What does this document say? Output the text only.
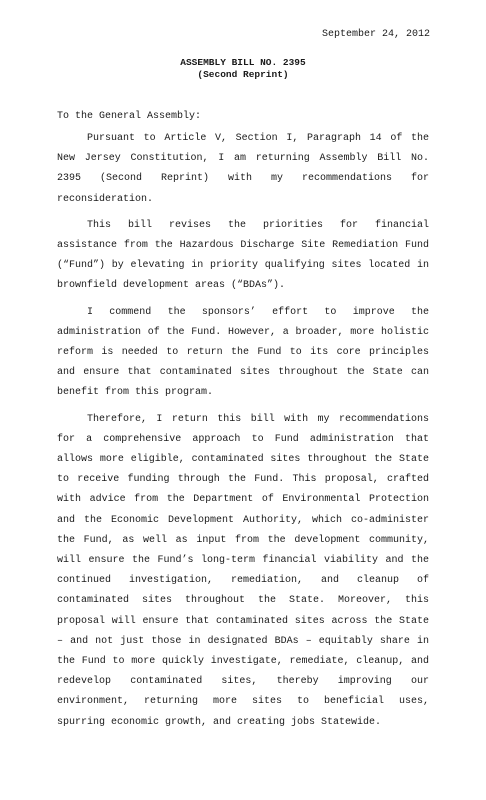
September 24, 2012
ASSEMBLY BILL NO. 2395
(Second Reprint)
To the General Assembly:

Pursuant to Article V, Section I, Paragraph 14 of the New Jersey Constitution, I am returning Assembly Bill No. 2395 (Second Reprint) with my recommendations for reconsideration.

This bill revises the priorities for financial assistance from the Hazardous Discharge Site Remediation Fund (“Fund”) by elevating in priority qualifying sites located in brownfield development areas (“BDAs”).

I commend the sponsors’ effort to improve the administration of the Fund. However, a broader, more holistic reform is needed to return the Fund to its core principles and ensure that contaminated sites throughout the State can benefit from this program.

Therefore, I return this bill with my recommendations for a comprehensive approach to Fund administration that allows more eligible, contaminated sites throughout the State to receive funding through the Fund. This proposal, crafted with advice from the Department of Environmental Protection and the Economic Development Authority, which co-administer the Fund, as well as input from the development community, will ensure the Fund’s long-term financial viability and the continued investigation, remediation, and cleanup of contaminated sites throughout the State. Moreover, this proposal will ensure that contaminated sites across the State – and not just those in designated BDAs – equitably share in the Fund to more quickly investigate, remediate, cleanup, and redevelop contaminated sites, thereby improving our environment, returning more sites to beneficial uses, spurring economic growth, and creating jobs Statewide.
